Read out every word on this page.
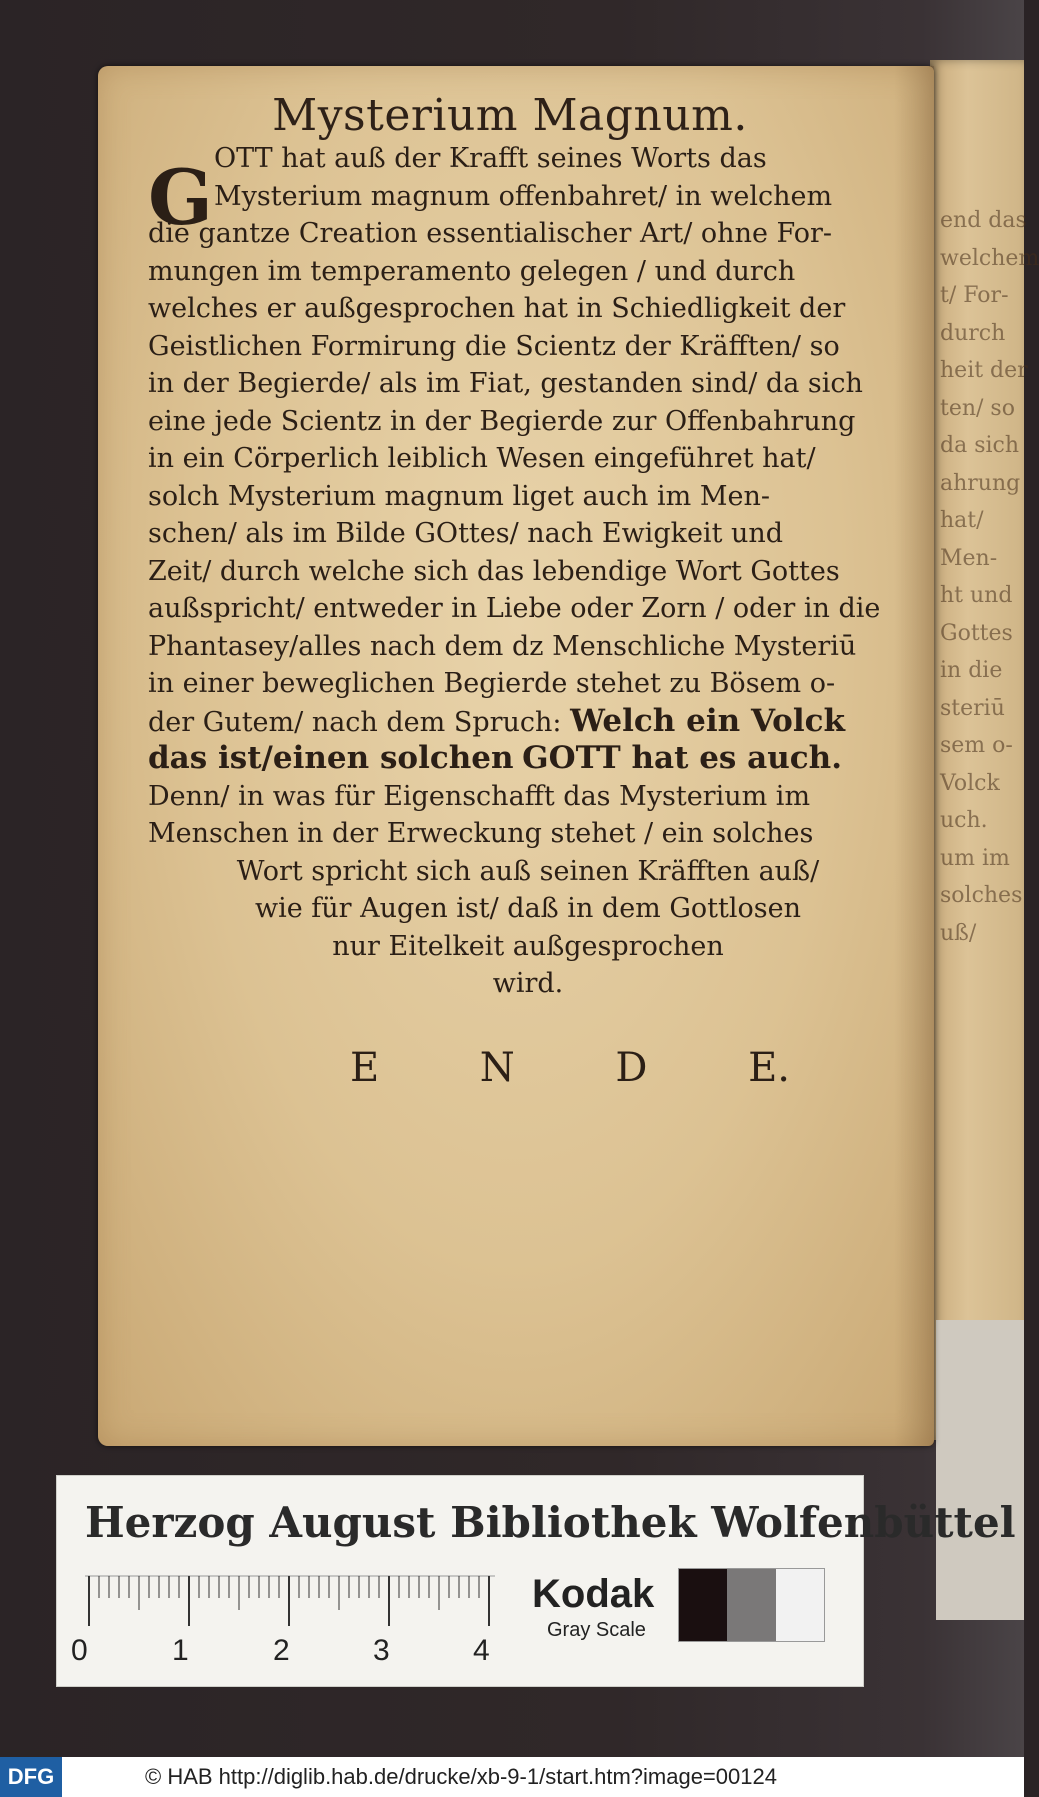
end das
welchem
t/ For-
durch
heit der
ten/ so
da sich
ahrung
hat/
Men-
ht und
Gottes
in die
steriū
sem o-
Volck
uch.
um im
solches
uß/
Mysterium Magnum.
G OTT hat auß der Krafft seines Worts das
Mysterium magnum offenbahret/ in welchem
die gantze Creation essentialischer Art/ ohne For-
mungen im temperamento gelegen / und durch
welches er außgesprochen hat in Schiedligkeit der
Geistlichen Formirung die Scientz der Kräfften/ so
in der Begierde/ als im Fiat, gestanden sind/ da sich
eine jede Scientz in der Begierde zur Offenbahrung
in ein Cörperlich leiblich Wesen eingeführet hat/
solch Mysterium magnum liget auch im Men-
schen/ als im Bilde GOttes/ nach Ewigkeit und
Zeit/ durch welche sich das lebendige Wort Gottes
außspricht/ entweder in Liebe oder Zorn / oder in die
Phantasey/alles nach dem dz Menschliche Mysteriū
in einer beweglichen Begierde stehet zu Bösem o-
der Gutem/ nach dem Spruch: Welch ein Volck
das ist/einen solchen GOTT hat es auch.
Denn/ in was für Eigenschafft das Mysterium im
Menschen in der Erweckung stehet / ein solches
Wort spricht sich auß seinen Kräfften auß/
wie für Augen ist/ daß in dem Gottlosen
nur Eitelkeit außgesprochen
wird.
E	N	D	E.
Herzog August Bibliothek Wolfenbüttel
0	1	2	3	4
Kodak
Gray Scale
DFG	© HAB http://diglib.hab.de/drucke/xb-9-1/start.htm?image=00124
